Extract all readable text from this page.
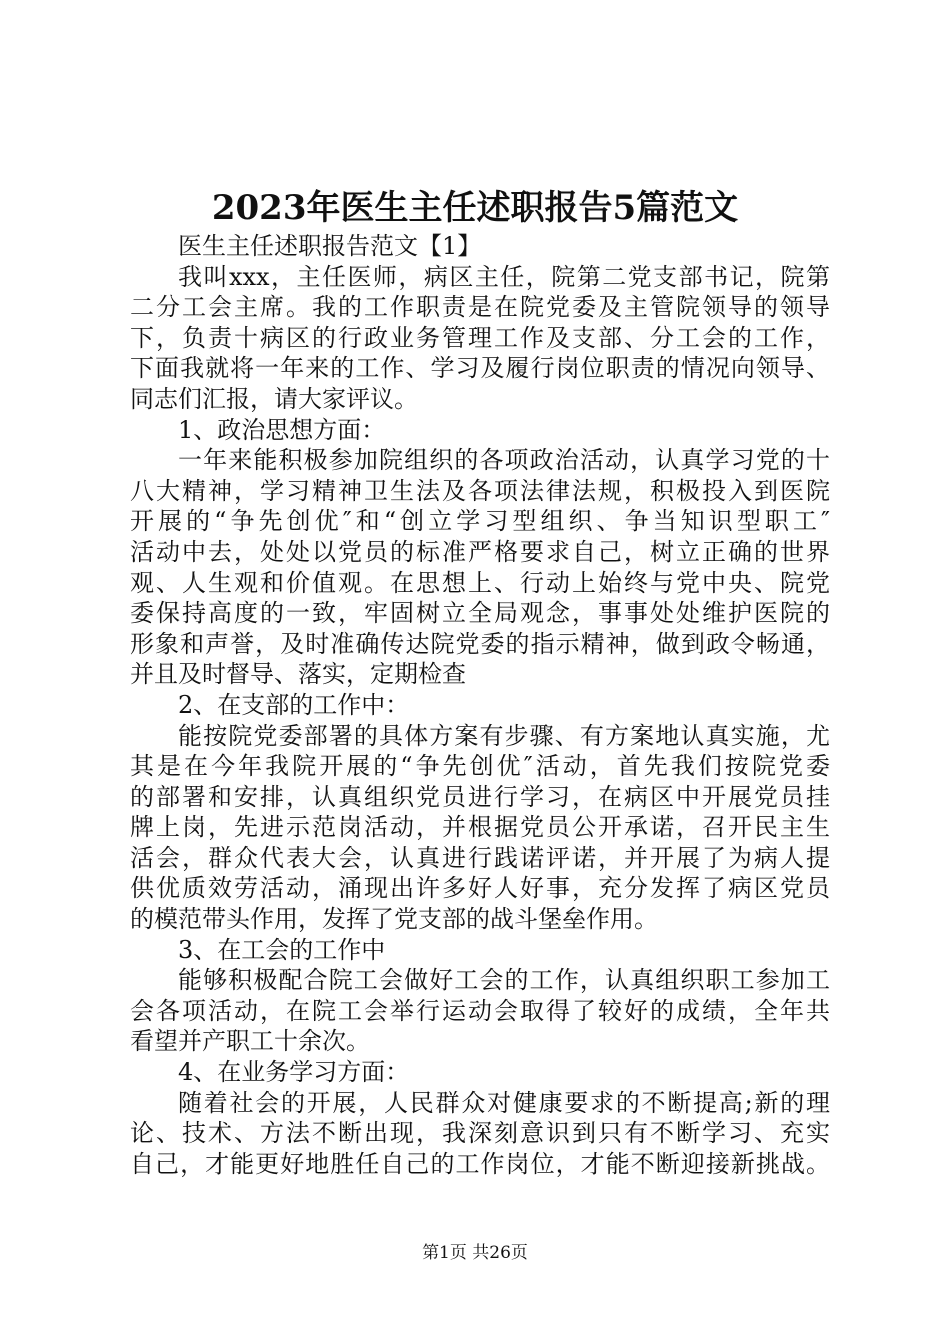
2023年医生主任述职报告5篇范文
医生主任述职报告范文【1】
我叫xxx，主任医师，病区主任，院第二党支部书记，院第
二分工会主席。我的工作职责是在院党委及主管院领导的领导
下，负责十病区的行政业务管理工作及支部、分工会的工作，
下面我就将一年来的工作、学习及履行岗位职责的情况向领导、
同志们汇报，请大家评议。
1、政治思想方面：
一年来能积极参加院组织的各项政治活动，认真学习党的十
八大精神，学习精神卫生法及各项法律法规，积极投入到医院
开展的“争先创优″和“创立学习型组织、争当知识型职工″
活动中去，处处以党员的标准严格要求自己，树立正确的世界
观、人生观和价值观。在思想上、行动上始终与党中央、院党
委保持高度的一致，牢固树立全局观念，事事处处维护医院的
形象和声誉，及时准确传达院党委的指示精神，做到政令畅通，
并且及时督导、落实，定期检查
2、在支部的工作中：
能按院党委部署的具体方案有步骤、有方案地认真实施，尤
其是在今年我院开展的“争先创优″活动，首先我们按院党委
的部署和安排，认真组织党员进行学习，在病区中开展党员挂
牌上岗，先进示范岗活动，并根据党员公开承诺，召开民主生
活会，群众代表大会，认真进行践诺评诺，并开展了为病人提
供优质效劳活动，涌现出许多好人好事，充分发挥了病区党员
的模范带头作用，发挥了党支部的战斗堡垒作用。
3、在工会的工作中
能够积极配合院工会做好工会的工作，认真组织职工参加工
会各项活动，在院工会举行运动会取得了较好的成绩，全年共
看望并产职工十余次。
4、在业务学习方面：
随着社会的开展，人民群众对健康要求的不断提高;新的理
论、技术、方法不断出现，我深刻意识到只有不断学习、充实
自己，才能更好地胜任自己的工作岗位，才能不断迎接新挑战。
第1页 共26页
